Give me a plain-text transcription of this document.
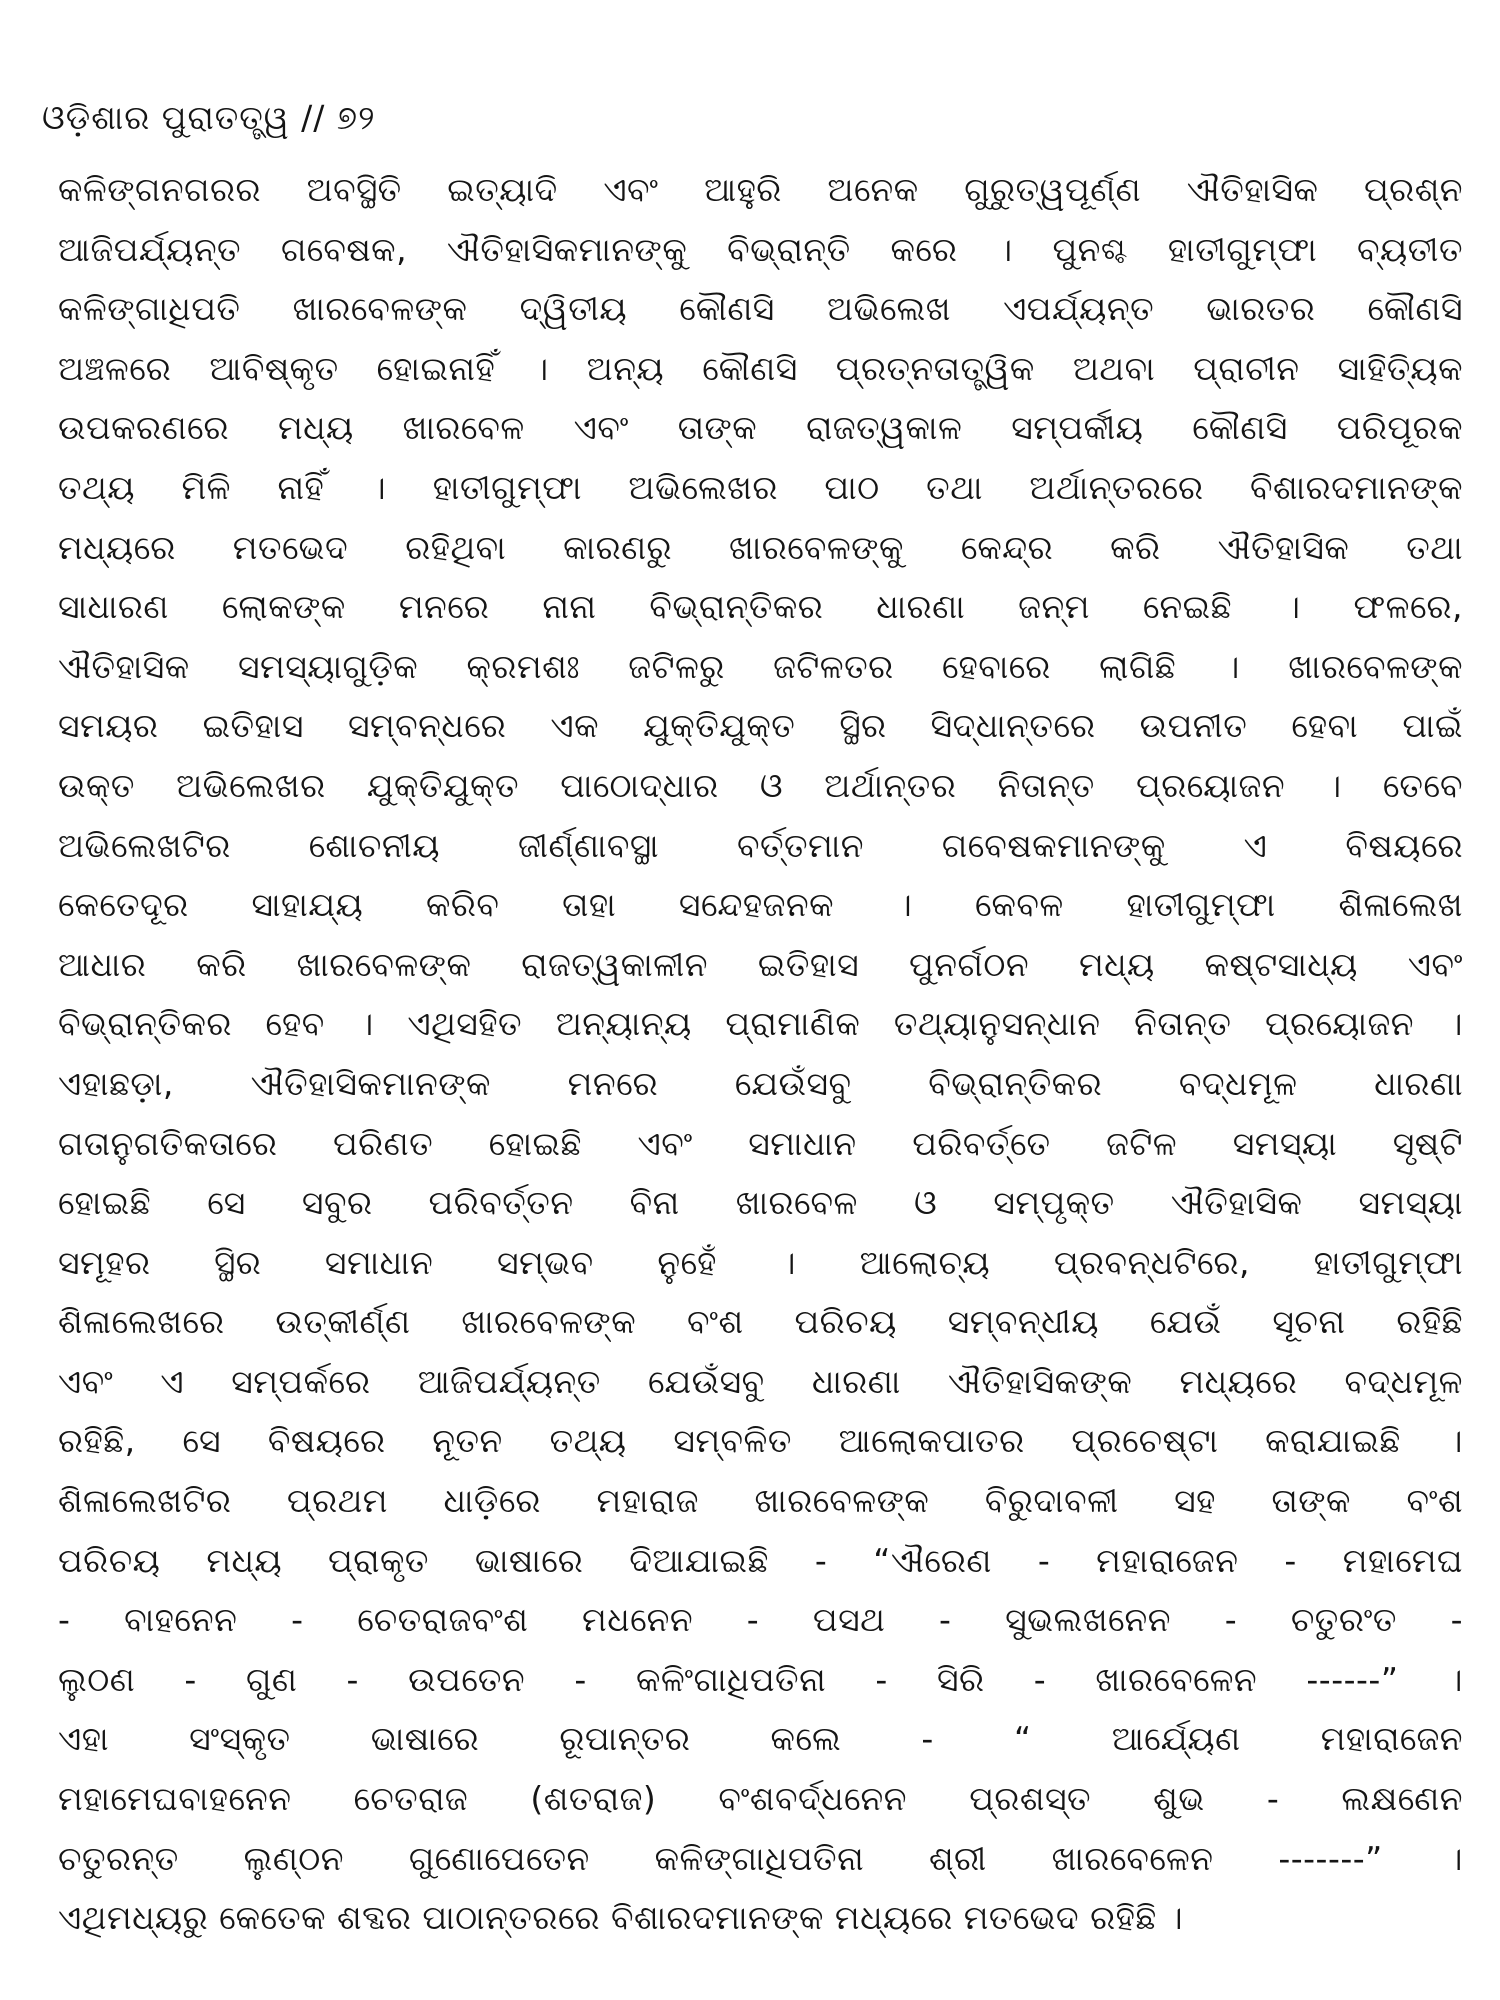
ଓଡ଼ିଶାର ପୁରାତତ୍ତ୍ୱ // ୭୨
କଳିଙ୍ଗନଗରର ଅବସ୍ଥିତି ଇତ୍ୟାଦି ଏବଂ ଆହୁରି ଅନେକ ଗୁରୁତ୍ୱପୂର୍ଣ୍ଣ ଐତିହାସିକ ପ୍ରଶ୍ନ
ଆଜିପର୍ଯ୍ୟନ୍ତ ଗବେଷକ, ଐତିହାସିକମାନଙ୍କୁ ବିଭ୍ରାନ୍ତି କରେ । ପୁନଶ୍ଚ ହାତୀଗୁମ୍ଫା ବ୍ୟତୀତ
କଳିଙ୍ଗାଧିପତି ଖାରବେଳଙ୍କ ଦ୍ୱିତୀୟ କୌଣସି ଅଭିଲେଖ ଏପର୍ଯ୍ୟନ୍ତ ଭାରତର କୌଣସି
ଅଞ୍ଚଳରେ ଆବିଷ୍କୃତ ହୋଇନାହିଁ । ଅନ୍ୟ କୌଣସି ପ୍ରତ୍ନତାତ୍ତ୍ୱିକ ଅଥବା ପ୍ରାଚୀନ ସାହିତ୍ୟିକ
ଉପକରଣରେ ମଧ୍ୟ ଖାରବେଳ ଏବଂ ତାଙ୍କ ରାଜତ୍ୱକାଳ ସମ୍ପର୍କୀୟ କୌଣସି ପରିପୂରକ
ତଥ୍ୟ ମିଳି ନାହିଁ । ହାତୀଗୁମ୍ଫା ଅଭିଲେଖର ପାଠ ତଥା ଅର୍ଥାନ୍ତରରେ ବିଶାରଦମାନଙ୍କ
ମଧ୍ୟରେ ମତଭେଦ ରହିଥିବା କାରଣରୁ ଖାରବେଳଙ୍କୁ କେନ୍ଦ୍ର କରି ଐତିହାସିକ ତଥା
ସାଧାରଣ ଲୋକଙ୍କ ମନରେ ନାନା ବିଭ୍ରାନ୍ତିକର ଧାରଣା ଜନ୍ମ ନେଇଛି । ଫଳରେ,
ଐତିହାସିକ ସମସ୍ୟାଗୁଡ଼ିକ କ୍ରମଶଃ ଜଟିଳରୁ ଜଟିଳତର ହେବାରେ ଲାଗିଛି । ଖାରବେଳଙ୍କ
ସମୟର ଇତିହାସ ସମ୍ବନ୍ଧରେ ଏକ ଯୁକ୍ତିଯୁକ୍ତ ସ୍ଥିର ସିଦ୍ଧାନ୍ତରେ ଉପନୀତ ହେବା ପାଇଁ
ଉକ୍ତ ଅଭିଲେଖର ଯୁକ୍ତିଯୁକ୍ତ ପାଠୋଦ୍ଧାର ଓ ଅର୍ଥାନ୍ତର ନିତାନ୍ତ ପ୍ରୟୋଜନ । ତେବେ
ଅଭିଲେଖଟିର ଶୋଚନୀୟ ଜୀର୍ଣ୍ଣାବସ୍ଥା ବର୍ତ୍ତମାନ ଗବେଷକମାନଙ୍କୁ ଏ ବିଷୟରେ
କେତେଦୂର ସାହାଯ୍ୟ କରିବ ତାହା ସନ୍ଦେହଜନକ । କେବଳ ହାତୀଗୁମ୍ଫା ଶିଳାଲେଖ
ଆଧାର କରି ଖାରବେଳଙ୍କ ରାଜତ୍ୱକାଳୀନ ଇତିହାସ ପୁନର୍ଗଠନ ମଧ୍ୟ କଷ୍ଟସାଧ୍ୟ ଏବଂ
ବିଭ୍ରାନ୍ତିକର ହେବ । ଏଥିସହିତ ଅନ୍ୟାନ୍ୟ ପ୍ରାମାଣିକ ତଥ୍ୟାନୁସନ୍ଧାନ ନିତାନ୍ତ ପ୍ରୟୋଜନ ।
ଏହାଛଡ଼ା, ଐତିହାସିକମାନଙ୍କ ମନରେ ଯେଉଁସବୁ ବିଭ୍ରାନ୍ତିକର ବଦ୍ଧମୂଳ ଧାରଣା
ଗତାନୁଗତିକତାରେ ପରିଣତ ହୋଇଛି ଏବଂ ସମାଧାନ ପରିବର୍ତ୍ତେ ଜଟିଳ ସମସ୍ୟା ସୃଷ୍ଟି
ହୋଇଛି ସେ ସବୁର ପରିବର୍ତ୍ତନ ବିନା ଖାରବେଳ ଓ ସମ୍ପୃକ୍ତ ଐତିହାସିକ ସମସ୍ୟା
ସମୂହର ସ୍ଥିର ସମାଧାନ ସମ୍ଭବ ନୁହେଁ । ଆଲୋଚ୍ୟ ପ୍ରବନ୍ଧଟିରେ, ହାତୀଗୁମ୍ଫା
ଶିଳାଲେଖରେ ଉତ୍କୀର୍ଣ୍ଣ ଖାରବେଳଙ୍କ ବଂଶ ପରିଚୟ ସମ୍ବନ୍ଧୀୟ ଯେଉଁ ସୂଚନା ରହିଛି
ଏବଂ ଏ ସମ୍ପର୍କରେ ଆଜିପର୍ଯ୍ୟନ୍ତ ଯେଉଁସବୁ ଧାରଣା ଐତିହାସିକଙ୍କ ମଧ୍ୟରେ ବଦ୍ଧମୂଳ
ରହିଛି, ସେ ବିଷୟରେ ନୂତନ ତଥ୍ୟ ସମ୍ବଳିତ ଆଲୋକପାତର ପ୍ରଚେଷ୍ଟା କରାଯାଇଛି ।
ଶିଳାଲେଖଟିର ପ୍ରଥମ ଧାଡ଼ିରେ ମହାରାଜ ଖାରବେଳଙ୍କ ବିରୁଦାବଳୀ ସହ ତାଙ୍କ ବଂଶ
ପରିଚୟ ମଧ୍ୟ ପ୍ରାକୃତ ଭାଷାରେ ଦିଆଯାଇଛି - “ଐରେଣ - ମହାରାଜେନ - ମହାମେଘ
- ବାହନେନ - ଚେତରାଜବଂଶ ମଧନେନ - ପସଥ - ସୁଭଲଖନେନ - ଚତୁରଂତ -
ଲୁଠଣ - ଗୁଣ - ଉପତେନ - କଳିଂଗାଧିପତିନା - ସିରି - ଖାରବେଳେନ ------” ।
ଏହା ସଂସ୍କୃତ ଭାଷାରେ ରୂପାନ୍ତର କଲେ - “ ଆର୍ଯ୍ୟେଣ ମହାରାଜେନ
ମହାମେଘବାହନେନ ଚେତରାଜ (ଶତରାଜ) ବଂଶବର୍ଦ୍ଧନେନ ପ୍ରଶସ୍ତ ଶୁଭ - ଲକ୍ଷଣେନ
ଚତୁରନ୍ତ ଲୁଣ୍ଠନ ଗୁଣୋପେତେନ କଳିଙ୍ଗାଧିପତିନା ଶ୍ରୀ ଖାରବେଳେନ -------” ।
ଏଥିମଧ୍ୟରୁ କେତେକ ଶବ୍ଦର ପାଠାନ୍ତରରେ ବିଶାରଦମାନଙ୍କ ମଧ୍ୟରେ ମତଭେଦ ରହିଛି ।
